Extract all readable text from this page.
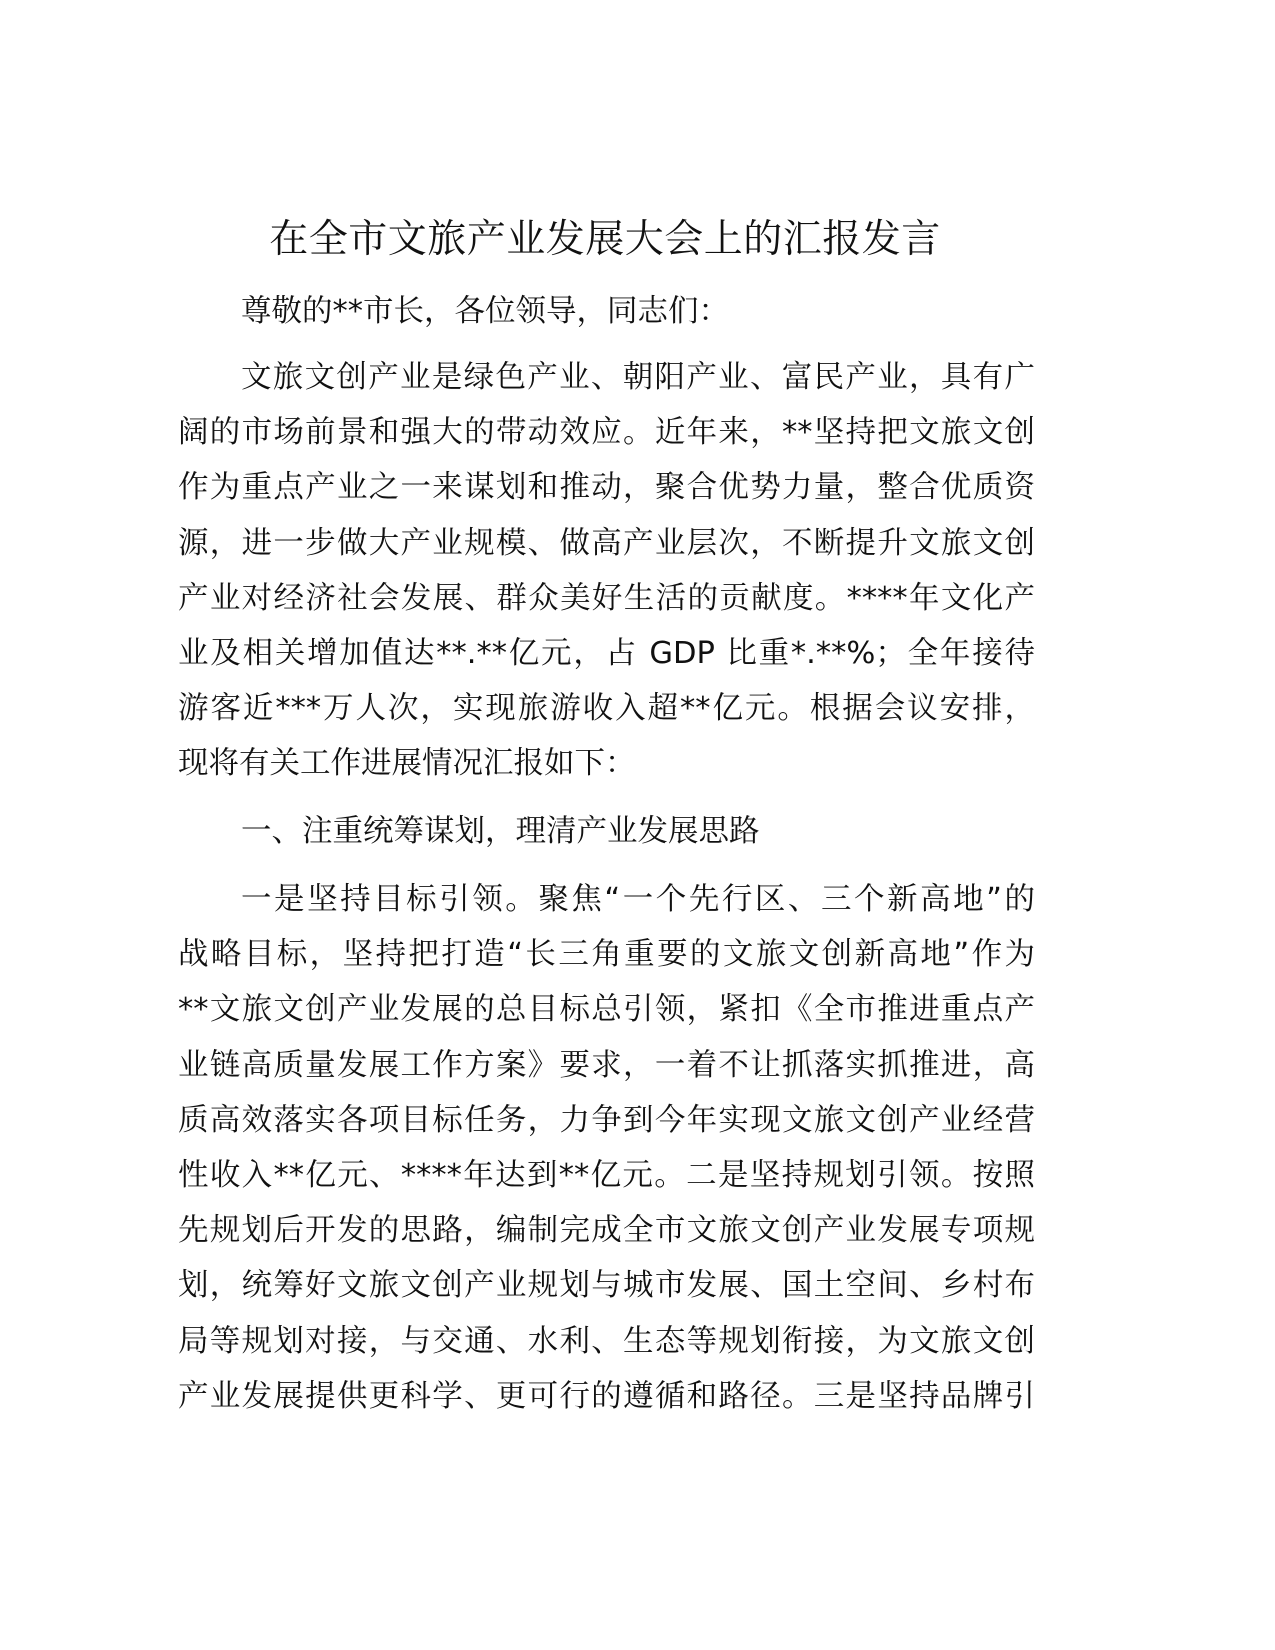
在全市文旅产业发展大会上的汇报发言
尊敬的**市长，各位领导，同志们：
文旅文创产业是绿色产业、朝阳产业、富民产业，具有广
阔的市场前景和强大的带动效应。近年来，**坚持把文旅文创
作为重点产业之一来谋划和推动，聚合优势力量，整合优质资
源，进一步做大产业规模、做高产业层次，不断提升文旅文创
产业对经济社会发展、群众美好生活的贡献度。****年文化产
业及相关增加值达**.**亿元，占 GDP 比重*.**%；全年接待
游客近***万人次，实现旅游收入超**亿元。根据会议安排，
现将有关工作进展情况汇报如下：
一、注重统筹谋划，理清产业发展思路
一是坚持目标引领。聚焦“一个先行区、三个新高地”的
战略目标，坚持把打造“长三角重要的文旅文创新高地”作为
**文旅文创产业发展的总目标总引领，紧扣《全市推进重点产
业链高质量发展工作方案》要求，一着不让抓落实抓推进，高
质高效落实各项目标任务，力争到今年实现文旅文创产业经营
性收入**亿元、****年达到**亿元。二是坚持规划引领。按照
先规划后开发的思路，编制完成全市文旅文创产业发展专项规
划，统筹好文旅文创产业规划与城市发展、国土空间、乡村布
局等规划对接，与交通、水利、生态等规划衔接，为文旅文创
产业发展提供更科学、更可行的遵循和路径。三是坚持品牌引
